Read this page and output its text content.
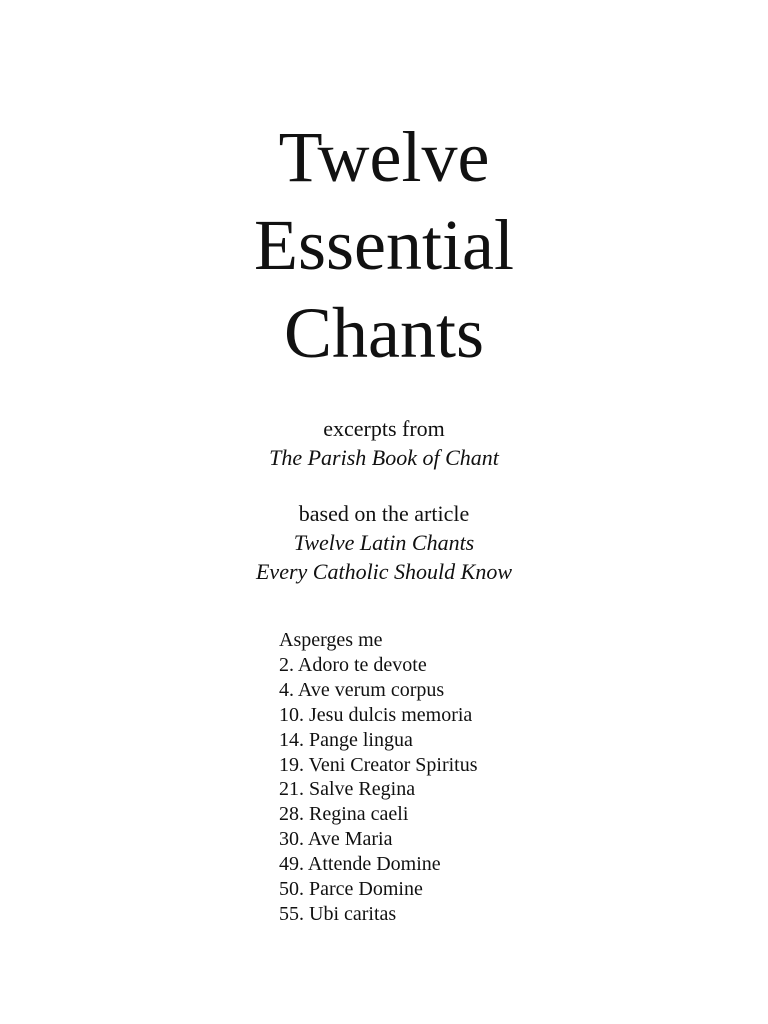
Twelve
Essential
Chants

excerpts from

The Parish Book of Chant

based on the article

Twelve Latin Chants

Every Catholic Should Know

Asperges me
2. Adoro te devote
4. Ave verum corpus
10. Jesu dulcis memoria
14. Pange lingua
19. Veni Creator Spiritus
21. Salve Regina
28. Regina caeli
30. Ave Maria
49. Attende Domine
50. Parce Domine
55. Ubi caritas
